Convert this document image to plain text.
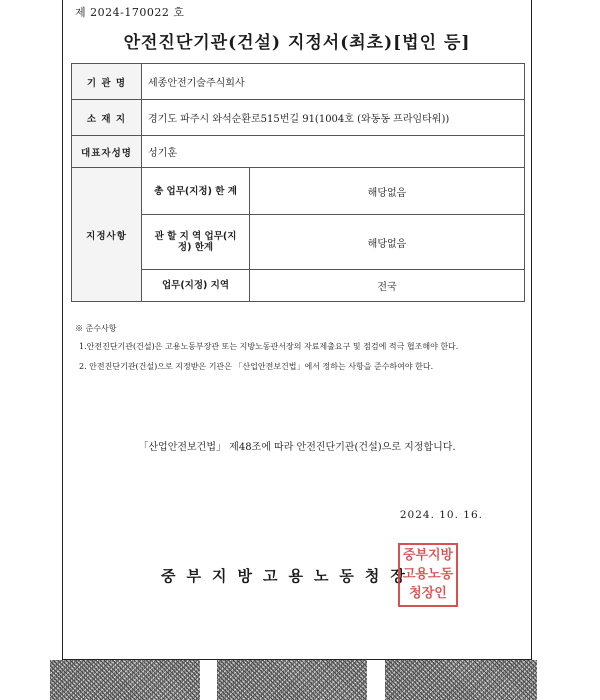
제 2024-170022 호
안전진단기관(건설) 지정서(최초)[법인 등]
기 관 명	세종안전기술주식회사	
소 재 지	경기도 파주시 와석순환로515번길 91(1004호 (와동동 프라임타워))	
대표자성명	성기훈	
지정사항	총 업무(지정) 한 계	해당없음
	관 할 지 역 업무(지정) 한계	해당없음
	업무(지정) 지역	전국
※ 준수사항
1.안전진단기관(건설)은 고용노동부장관 또는 지방노동관서장의 자료제출요구 및 점검에 적극 협조해야 한다.
2. 안전진단기관(건설)으로 지정받은 기관은 「산업안전보건법」에서 정하는 사항을 준수하여야 한다.
「산업안전보건법」 제48조에 따라 안전진단기관(건설)으로 지정합니다.
2024. 10. 16.
중부지방고용노동청장
중부지방
고용노동
청장인
